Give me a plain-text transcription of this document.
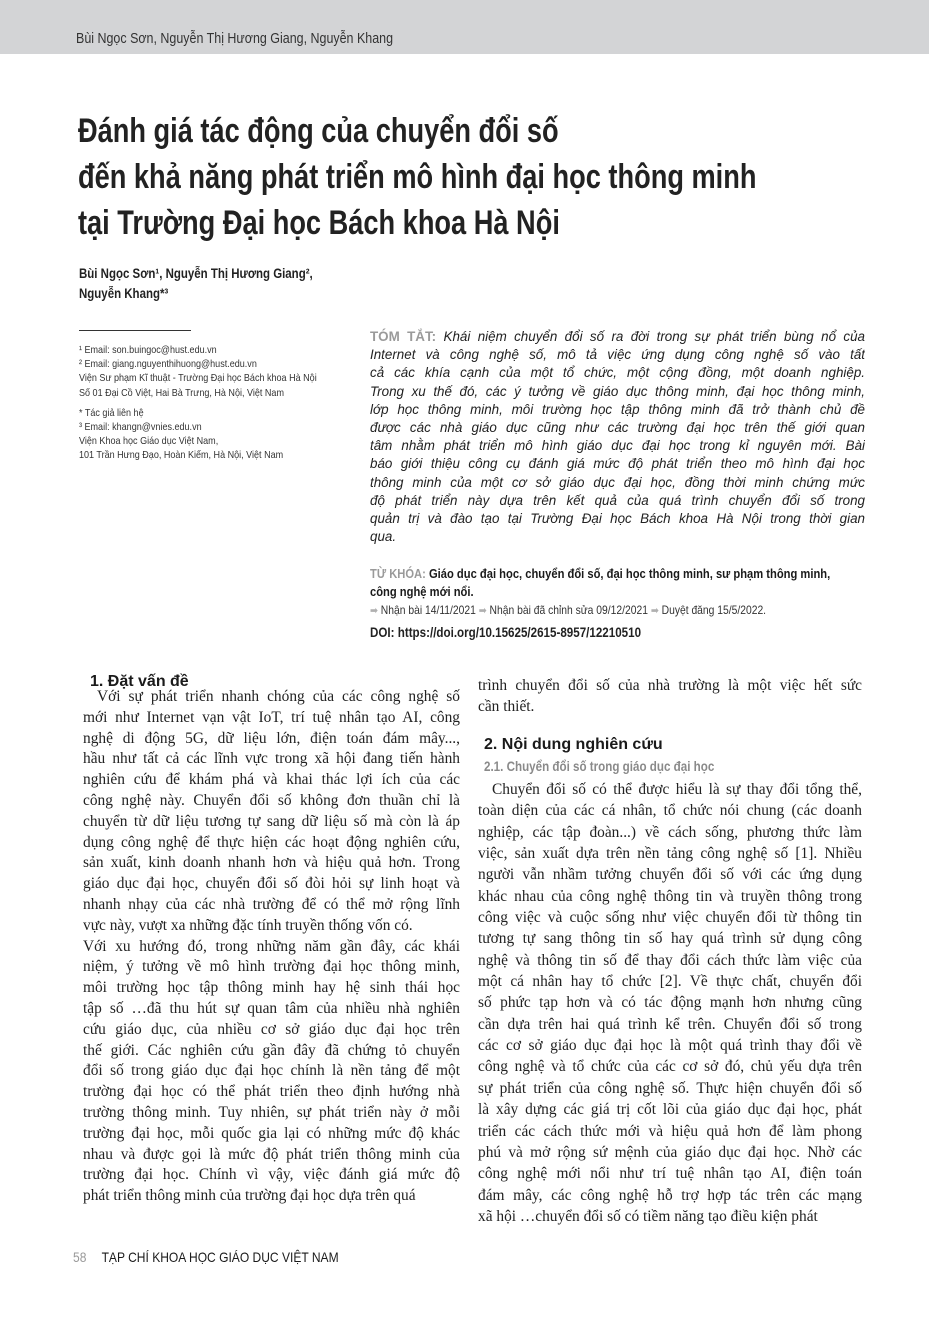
Bùi Ngọc Sơn, Nguyễn Thị Hương Giang, Nguyễn Khang
Đánh giá tác động của chuyển đổi số
đến khả năng phát triển mô hình đại học thông minh
tại Trường Đại học Bách khoa Hà Nội
Bùi Ngọc Sơn¹, Nguyễn Thị Hương Giang²,
Nguyễn Khang*³
¹ Email: son.buingoc@hust.edu.vn
² Email: giang.nguyenthihuong@hust.edu.vn
Viện Sư phạm Kĩ thuật - Trường Đại học Bách khoa Hà Nội
Số 01 Đại Cồ Việt, Hai Bà Trưng, Hà Nội, Việt Nam
* Tác giả liên hệ
³ Email: khangn@vnies.edu.vn
Viện Khoa học Giáo dục Việt Nam,
101 Trần Hưng Đạo, Hoàn Kiếm, Hà Nội, Việt Nam
TÓM TẮT: Khái niệm chuyển đổi số ra đời trong sự phát triển bùng nổ của
Internet và công nghệ số, mô tả việc ứng dụng công nghệ số vào tất
cả các khía cạnh của một tổ chức, một cộng đồng, một doanh nghiệp.
Trong xu thế đó, các ý tưởng về giáo dục thông minh, đại học thông minh,
lớp học thông minh, môi trường học tập thông minh đã trở thành chủ đề
được các nhà giáo dục cũng như các trường đại học trên thế giới quan
tâm nhằm phát triển mô hình giáo dục đại học trong kỉ nguyên mới. Bài
báo giới thiệu công cụ đánh giá mức độ phát triển theo mô hình đại học
thông minh của một cơ sở giáo dục đại học, đồng thời minh chứng mức
độ phát triển này dựa trên kết quả của quá trình chuyển đổi số trong
quản trị và đào tạo tại Trường Đại học Bách khoa Hà Nội trong thời gian
qua.
TỪ KHÓA: Giáo dục đại học, chuyển đổi số, đại học thông minh, sư phạm thông minh,
công nghệ mới nổi.
➡ Nhận bài 14/11/2021 ➡ Nhận bài đã chỉnh sửa 09/12/2021 ➡ Duyệt đăng 15/5/2022.
DOI: https://doi.org/10.15625/2615-8957/12210510
1. Đặt vấn đề
Với sự phát triển nhanh chóng của các công nghệ số
mới như Internet vạn vật IoT, trí tuệ nhân tạo AI, công
nghệ di động 5G, dữ liệu lớn, điện toán đám mây...,
hầu như tất cả các lĩnh vực trong xã hội đang tiến hành
nghiên cứu để khám phá và khai thác lợi ích của các
công nghệ này. Chuyển đổi số không đơn thuần chỉ là
chuyển từ dữ liệu tương tự sang dữ liệu số mà còn là áp
dụng công nghệ để thực hiện các hoạt động nghiên cứu,
sản xuất, kinh doanh nhanh hơn và hiệu quả hơn. Trong
giáo dục đại học, chuyển đổi số đòi hỏi sự linh hoạt và
nhanh nhạy của các nhà trường để có thể mở rộng lĩnh
vực này, vượt xa những đặc tính truyền thống vốn có.
Với xu hướng đó, trong những năm gần đây, các khái
niệm, ý tưởng về mô hình trường đại học thông minh,
môi trường học tập thông minh hay hệ sinh thái học
tập số …đã thu hút sự quan tâm của nhiều nhà nghiên
cứu giáo dục, của nhiều cơ sở giáo dục đại học trên
thế giới. Các nghiên cứu gần đây đã chứng tỏ chuyển
đổi số trong giáo dục đại học chính là nền tảng để một
trường đại học có thể phát triển theo định hướng nhà
trường thông minh. Tuy nhiên, sự phát triển này ở mỗi
trường đại học, mỗi quốc gia lại có những mức độ khác
nhau và được gọi là mức độ phát triển thông minh của
trường đại học. Chính vì vậy, việc đánh giá mức độ
phát triển thông minh của trường đại học dựa trên quá
trình chuyển đổi số của nhà trường là một việc hết sức
cần thiết.
2. Nội dung nghiên cứu
2.1. Chuyển đổi số trong giáo dục đại học
Chuyển đổi số có thể được hiểu là sự thay đổi tổng thể,
toàn diện của các cá nhân, tổ chức nói chung (các doanh
nghiệp, các tập đoàn...) về cách sống, phương thức làm
việc, sản xuất dựa trên nền tảng công nghệ số [1]. Nhiều
người vẫn nhầm tưởng chuyển đổi số với các ứng dụng
khác nhau của công nghệ thông tin và truyền thông trong
công việc và cuộc sống như việc chuyển đổi từ thông tin
tương tự sang thông tin số hay quá trình sử dụng công
nghệ và thông tin số để thay đổi cách thức làm việc của
một cá nhân hay tổ chức [2]. Về thực chất, chuyển đổi
số phức tạp hơn và có tác động mạnh hơn nhưng cũng
cần dựa trên hai quá trình kể trên. Chuyển đổi số trong
các cơ sở giáo dục đại học là một quá trình thay đổi về
công nghệ và tổ chức của các cơ sở đó, chủ yếu dựa trên
sự phát triển của công nghệ số. Thực hiện chuyển đổi số
là xây dựng các giá trị cốt lõi của giáo dục đại học, phát
triển các cách thức mới và hiệu quả hơn để làm phong
phú và mở rộng sứ mệnh của giáo dục đại học. Nhờ các
công nghệ mới nổi như trí tuệ nhân tạo AI, điện toán
đám mây, các công nghệ hỗ trợ hợp tác trên các mạng
xã hội …chuyển đổi số có tiềm năng tạo điều kiện phát
58 TẠP CHÍ KHOA HỌC GIÁO DỤC VIỆT NAM
